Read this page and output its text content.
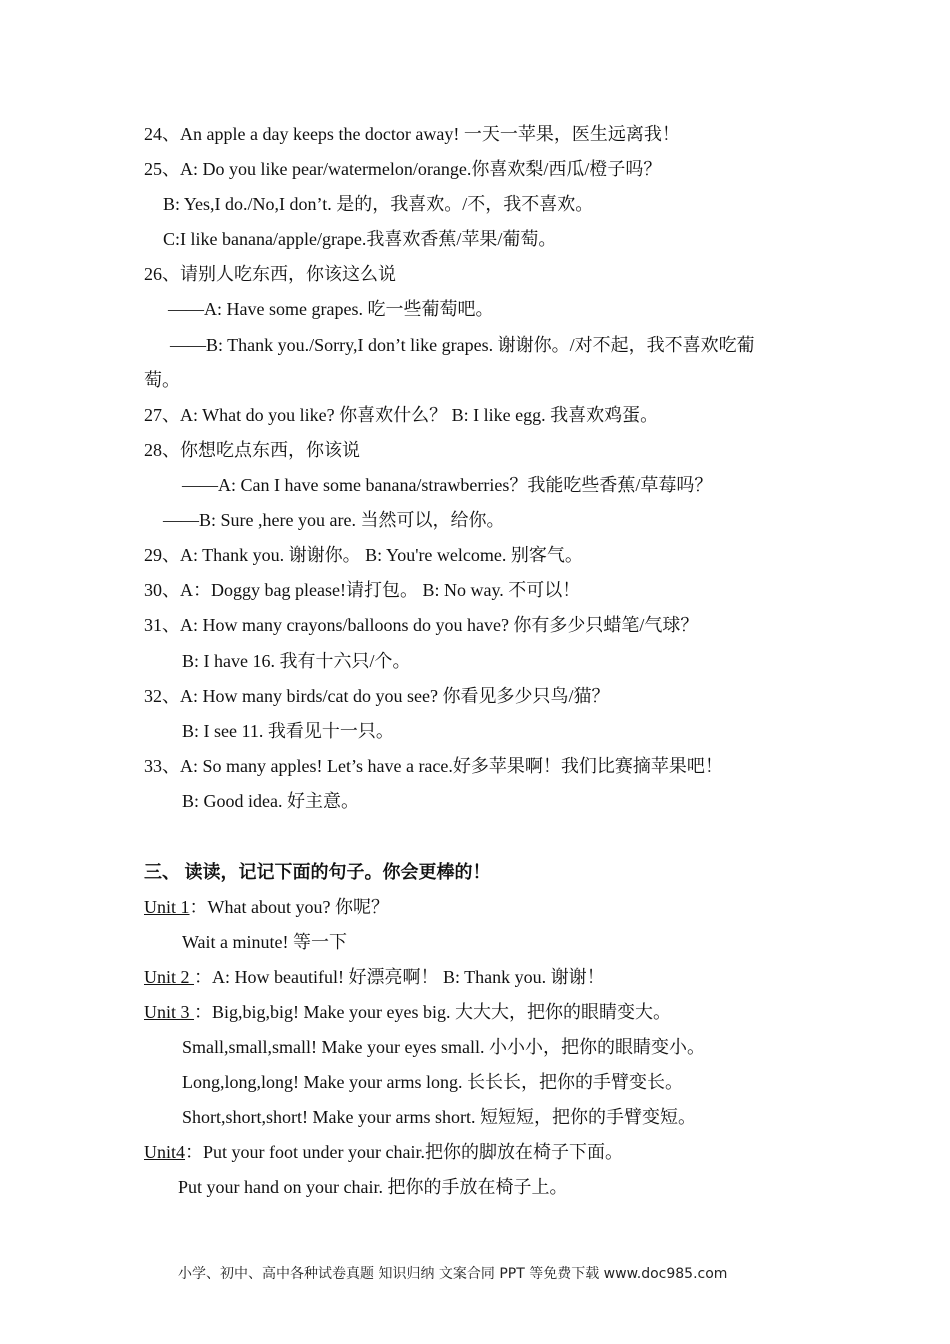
24、An apple a day keeps the doctor away! 一天一苹果，医生远离我！
25、A: Do you like pear/watermelon/orange.你喜欢梨/西瓜/橙子吗？
B: Yes,I do./No,I don’t. 是的，我喜欢。/不，我不喜欢。
C:I like banana/apple/grape.我喜欢香蕉/苹果/葡萄。
26、请别人吃东西，你该这么说
——A: Have some grapes. 吃一些葡萄吧。
——B: Thank you./Sorry,I don’t like grapes. 谢谢你。/对不起，我不喜欢吃葡
萄。
27、A: What do you like? 你喜欢什么？ B: I like egg. 我喜欢鸡蛋。
28、你想吃点东西，你该说
——A: Can I have some banana/strawberries？我能吃些香蕉/草莓吗？
——B: Sure ,here you are. 当然可以，给你。
29、A: Thank you. 谢谢你。 B: You're welcome. 别客气。
30、A：Doggy bag please!请打包。 B: No way. 不可以！
31、A: How many crayons/balloons do you have? 你有多少只蜡笔/气球？
B: I have 16. 我有十六只/个。
32、A: How many birds/cat do you see? 你看见多少只鸟/猫？
B: I see 11. 我看见十一只。
33、A: So many apples! Let’s have a race.好多苹果啊！我们比赛摘苹果吧！
B: Good idea. 好主意。
三、 读读，记记下面的句子。你会更棒的！
Unit 1：What about you? 你呢？
Wait a minute! 等一下
Unit 2 ：A: How beautiful! 好漂亮啊！ B: Thank you. 谢谢！
Unit 3 ：Big,big,big! Make your eyes big. 大大大，把你的眼睛变大。
Small,small,small! Make your eyes small. 小小小，把你的眼睛变小。
Long,long,long! Make your arms long. 长长长，把你的手臂变长。
Short,short,short! Make your arms short. 短短短，把你的手臂变短。
Unit4：Put your foot under your chair.把你的脚放在椅子下面。
Put your hand on your chair. 把你的手放在椅子上。
小学、初中、高中各种试卷真题 知识归纳 文案合同 PPT 等免费下载 www.doc985.com
